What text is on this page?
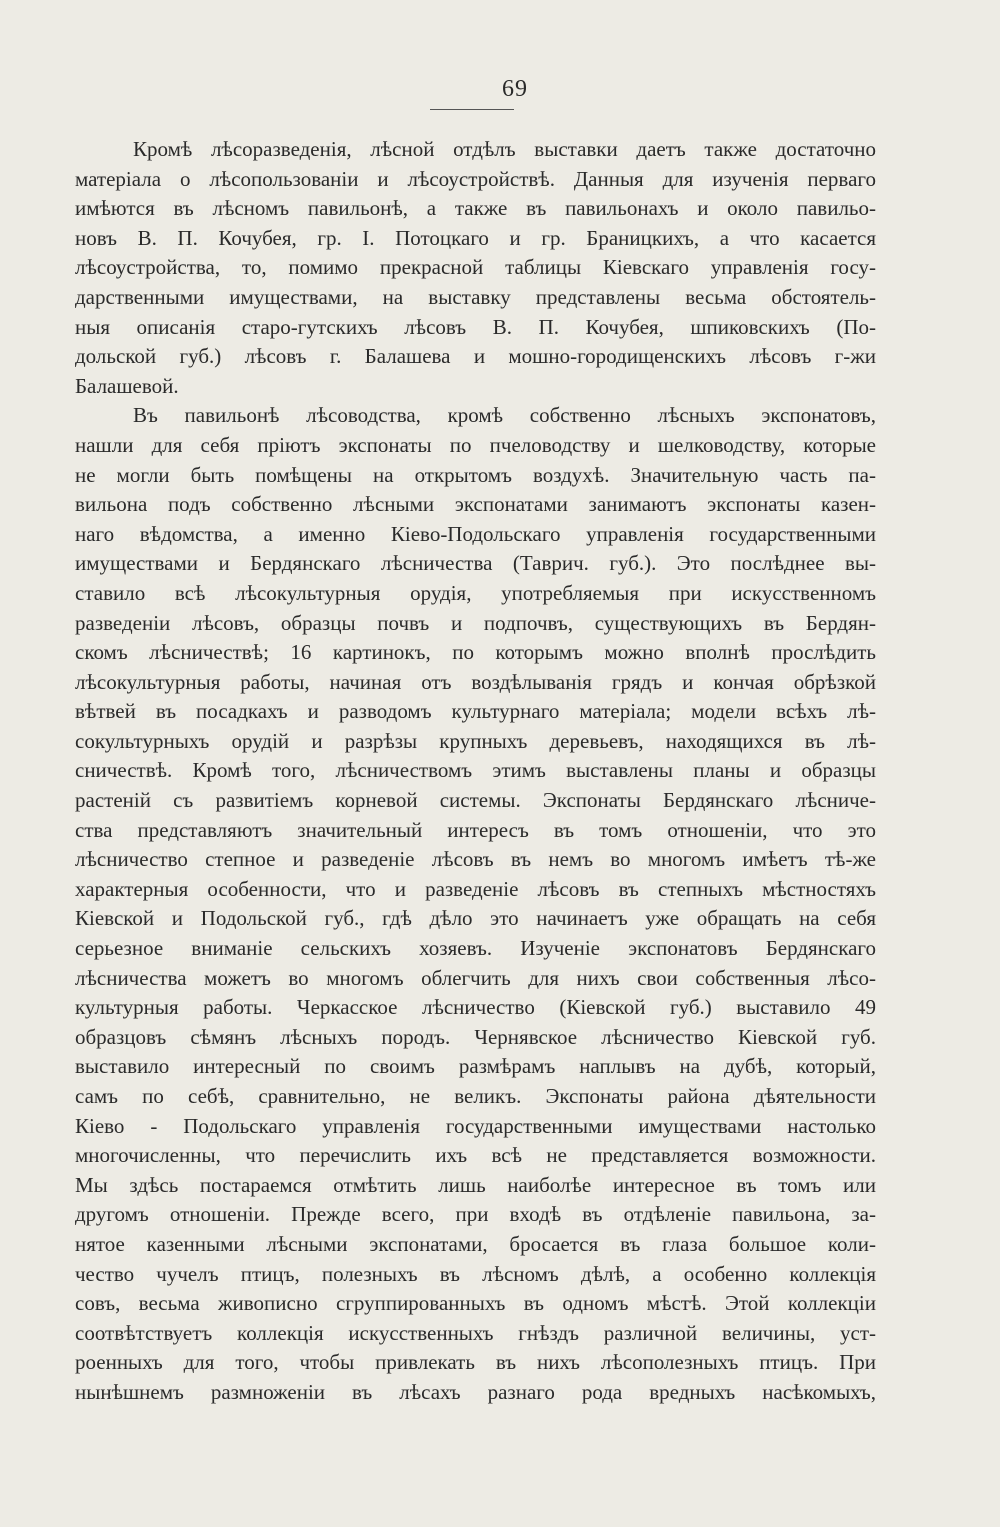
69
Кромѣ лѣсоразведенія, лѣсной отдѣлъ выставки даетъ также достаточно
матеріала о лѣсопользованіи и лѣсоустройствѣ. Данныя для изученія перваго
имѣются въ лѣсномъ павильонѣ, а также въ павильонахъ и около павильо-
новъ В. П. Кочубея, гр. І. Потоцкаго и гр. Браницкихъ, а что касается
лѣсоустройства, то, помимо прекрасной таблицы Кіевскаго управленія госу-
дарственными имуществами, на выставку представлены весьма обстоятель-
ныя описанія старо-гутскихъ лѣсовъ В. П. Кочубея, шпиковскихъ (По-
дольской губ.) лѣсовъ г. Балашева и мошно-городищенскихъ лѣсовъ г-жи
Балашевой.
Въ павильонѣ лѣсоводства, кромѣ собственно лѣсныхъ экспонатовъ,
нашли для себя пріютъ экспонаты по пчеловодству и шелководству, которые
не могли быть помѣщены на открытомъ воздухѣ. Значительную часть па-
вильона подъ собственно лѣсными экспонатами занимаютъ экспонаты казен-
наго вѣдомства, а именно Кіево-Подольскаго управленія государственными
имуществами и Бердянскаго лѣсничества (Таврич. губ.). Это послѣднее вы-
ставило всѣ лѣсокультурныя орудія, употребляемыя при искусственномъ
разведеніи лѣсовъ, образцы почвъ и подпочвъ, существующихъ въ Бердян-
скомъ лѣсничествѣ; 16 картинокъ, по которымъ можно вполнѣ прослѣдить
лѣсокультурныя работы, начиная отъ воздѣлыванія грядъ и кончая обрѣзкой
вѣтвей въ посадкахъ и разводомъ культурнаго матеріала; модели всѣхъ лѣ-
сокультурныхъ орудій и разрѣзы крупныхъ деревьевъ, находящихся въ лѣ-
сничествѣ. Кромѣ того, лѣсничествомъ этимъ выставлены планы и образцы
растеній съ развитіемъ корневой системы. Экспонаты Бердянскаго лѣсниче-
ства представляютъ значительный интересъ въ томъ отношеніи, что это
лѣсничество степное и разведеніе лѣсовъ въ немъ во многомъ имѣетъ тѣ-же
характерныя особенности, что и разведеніе лѣсовъ въ степныхъ мѣстностяхъ
Кіевской и Подольской губ., гдѣ дѣло это начинаетъ уже обращать на себя
серьезное вниманіе сельскихъ хозяевъ. Изученіе экспонатовъ Бердянскаго
лѣсничества можетъ во многомъ облегчить для нихъ свои собственныя лѣсо-
культурныя работы. Черкасское лѣсничество (Кіевской губ.) выставило 49
образцовъ сѣмянъ лѣсныхъ породъ. Чернявское лѣсничество Кіевской губ.
выставило интересный по своимъ размѣрамъ наплывъ на дубѣ, который,
самъ по себѣ, сравнительно, не великъ. Экспонаты района дѣятельности
Кіево - Подольскаго управленія государственными имуществами настолько
многочисленны, что перечислить ихъ всѣ не представляется возможности.
Мы здѣсь постараемся отмѣтить лишь наиболѣе интересное въ томъ или
другомъ отношеніи. Прежде всего, при входѣ въ отдѣленіе павильона, за-
нятое казенными лѣсными экспонатами, бросается въ глаза большое коли-
чество чучелъ птицъ, полезныхъ въ лѣсномъ дѣлѣ, а особенно коллекція
совъ, весьма живописно сгруппированныхъ въ одномъ мѣстѣ. Этой коллекціи
соотвѣтствуетъ коллекція искусственныхъ гнѣздъ различной величины, уст-
роенныхъ для того, чтобы привлекать въ нихъ лѣсополезныхъ птицъ. При
нынѣшнемъ размноженіи въ лѣсахъ разнаго рода вредныхъ насѣкомыхъ,
